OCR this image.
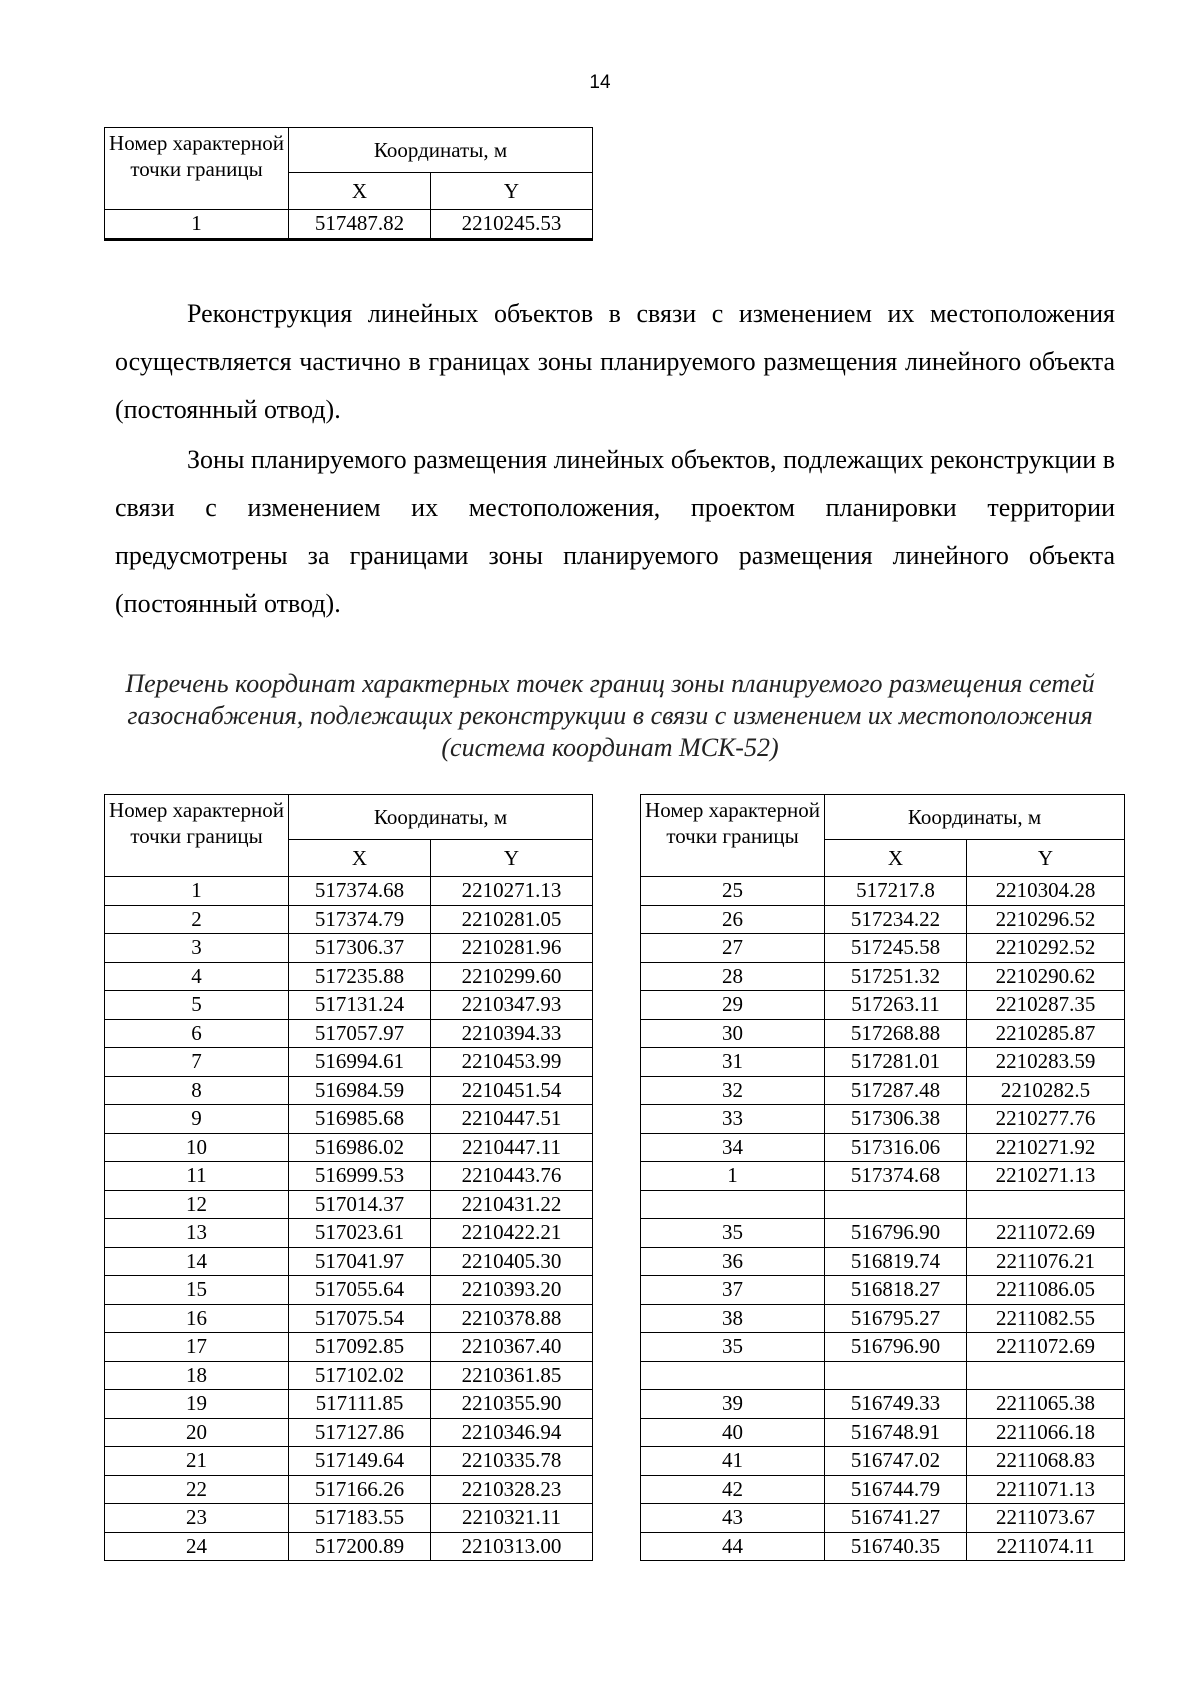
14
Номер характерной точки границы	Координаты, м	
	X	Y
1	517487.82	2210245.53

Реконструкция линейных объектов в связи с изменением их местоположения осуществляется частично в границах зоны планируемого размещения линейного объекта (постоянный отвод).

Зоны планируемого размещения линейных объектов, подлежащих реконструкции в связи с изменением их местоположения, проектом планировки территории предусмотрены за границами зоны планируемого размещения линейного объекта (постоянный отвод).

Перечень координат характерных точек границ зоны планируемого размещения сетей газоснабжения, подлежащих реконструкции в связи с изменением их местоположения (система координат МСК-52)
Номер характерной точки границы	Координаты, м	
	X	Y
1	517374.68	2210271.13
2	517374.79	2210281.05
3	517306.37	2210281.96
4	517235.88	2210299.60
5	517131.24	2210347.93
6	517057.97	2210394.33
7	516994.61	2210453.99
8	516984.59	2210451.54
9	516985.68	2210447.51
10	516986.02	2210447.11
11	516999.53	2210443.76
12	517014.37	2210431.22
13	517023.61	2210422.21
14	517041.97	2210405.30
15	517055.64	2210393.20
16	517075.54	2210378.88
17	517092.85	2210367.40
18	517102.02	2210361.85
19	517111.85	2210355.90
20	517127.86	2210346.94
21	517149.64	2210335.78
22	517166.26	2210328.23
23	517183.55	2210321.11
24	517200.89	2210313.00
Номер характерной точки границы	Координаты, м	
	X	Y
25	517217.8	2210304.28
26	517234.22	2210296.52
27	517245.58	2210292.52
28	517251.32	2210290.62
29	517263.11	2210287.35
30	517268.88	2210285.87
31	517281.01	2210283.59
32	517287.48	2210282.5
33	517306.38	2210277.76
34	517316.06	2210271.92
1	517374.68	2210271.13

35	516796.90	2211072.69
36	516819.74	2211076.21
37	516818.27	2211086.05
38	516795.27	2211082.55
35	516796.90	2211072.69

39	516749.33	2211065.38
40	516748.91	2211066.18
41	516747.02	2211068.83
42	516744.79	2211071.13
43	516741.27	2211073.67
44	516740.35	2211074.11
